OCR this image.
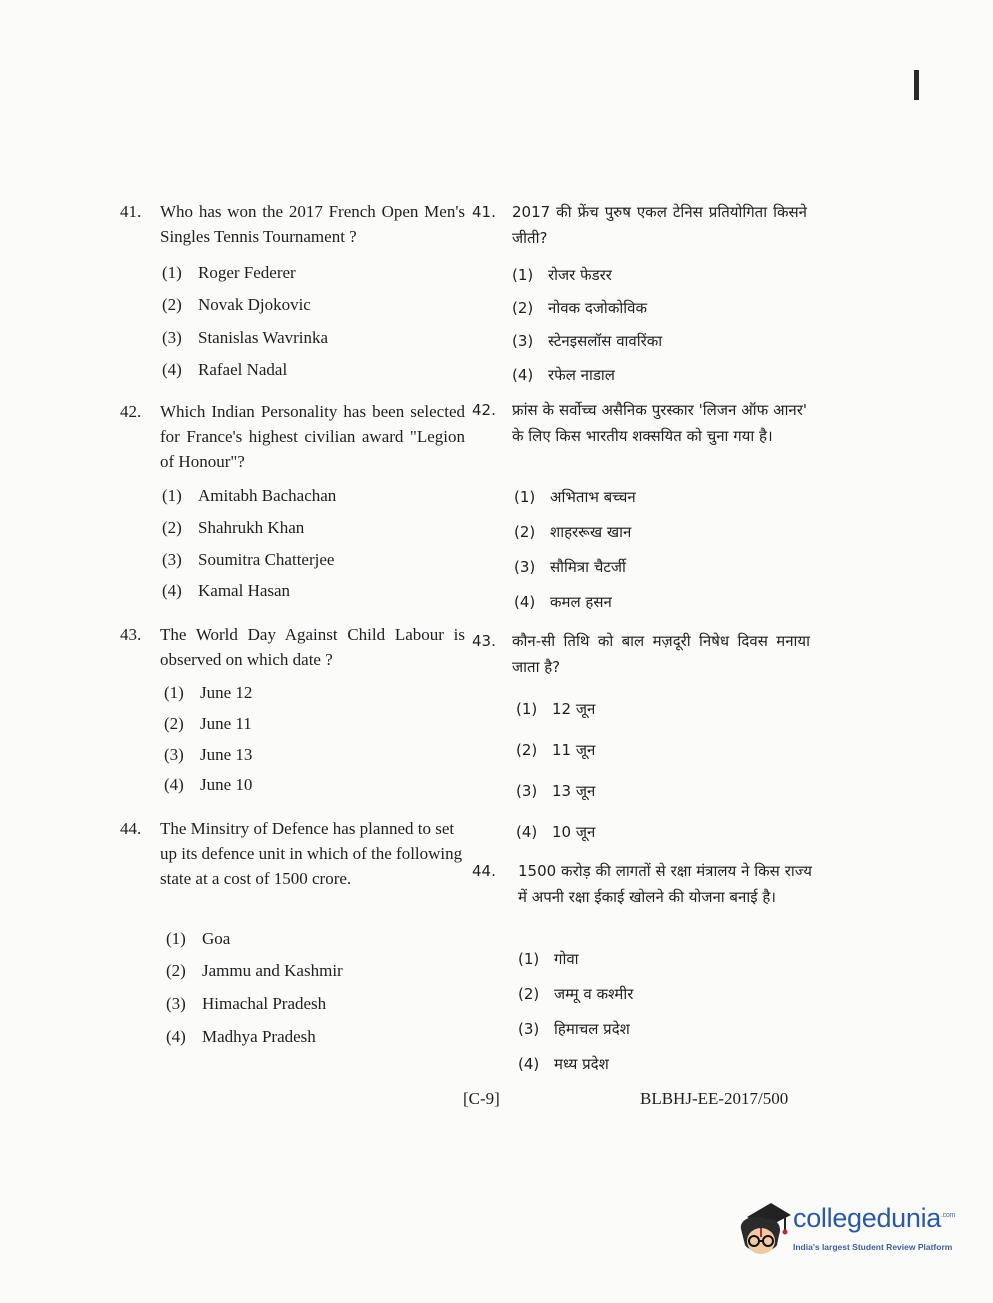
41.	Who has won the 2017 French Open Men's Singles Tennis Tournament ?
(1) Roger Federer
(2) Novak Djokovic
(3) Stanislas Wavrinka
(4) Rafael Nadal
42.	Which Indian Personality has been selected for France's highest civilian award "Legion of Honour"?
(1) Amitabh Bachachan
(2) Shahrukh Khan
(3) Soumitra Chatterjee
(4) Kamal Hasan
43.	The World Day Against Child Labour is observed on which date ?
(1) June 12
(2) June 11
(3) June 13
(4) June 10
44.	The Minsitry of Defence has planned to set up its defence unit in which of the following state at a cost of 1500 crore.
(1) Goa
(2) Jammu and Kashmir
(3) Himachal Pradesh
(4) Madhya Pradesh
41.	2017 की फ्रेंच पुरुष एकल टेनिस प्रतियोगिता किसने जीती?
(1) रोजर फेडरर
(2) नोवक दजोकोविक
(3) स्टेनइसलॉस वावरिंका
(4) रफेल नाडाल
42.	फ्रांस के सर्वोच्च असैनिक पुरस्कार 'लिजन ऑफ आनर' के लिए किस भारतीय शक्सयित को चुना गया है।
(1) अभिताभ बच्चन
(2) शाहररूख खान
(3) सौमित्रा चैटर्जी
(4) कमल हसन
43.	कौन-सी तिथि को बाल मज़दूरी निषेध दिवस मनाया जाता है?
(1) 12 जून
(2) 11 जून
(3) 13 जून
(4) 10 जून
44.	1500 करोड़ की लागतों से रक्षा मंत्रालय ने किस राज्य में अपनी रक्षा ईकाई खोलने की योजना बनाई है।
(1) गोवा
(2) जम्मू व कश्मीर
(3) हिमाचल प्रदेश
(4) मध्य प्रदेश
[C-9]	BLBHJ-EE-2017/500
collegedunia$^{.com}$
India's largest Student Review Platform
